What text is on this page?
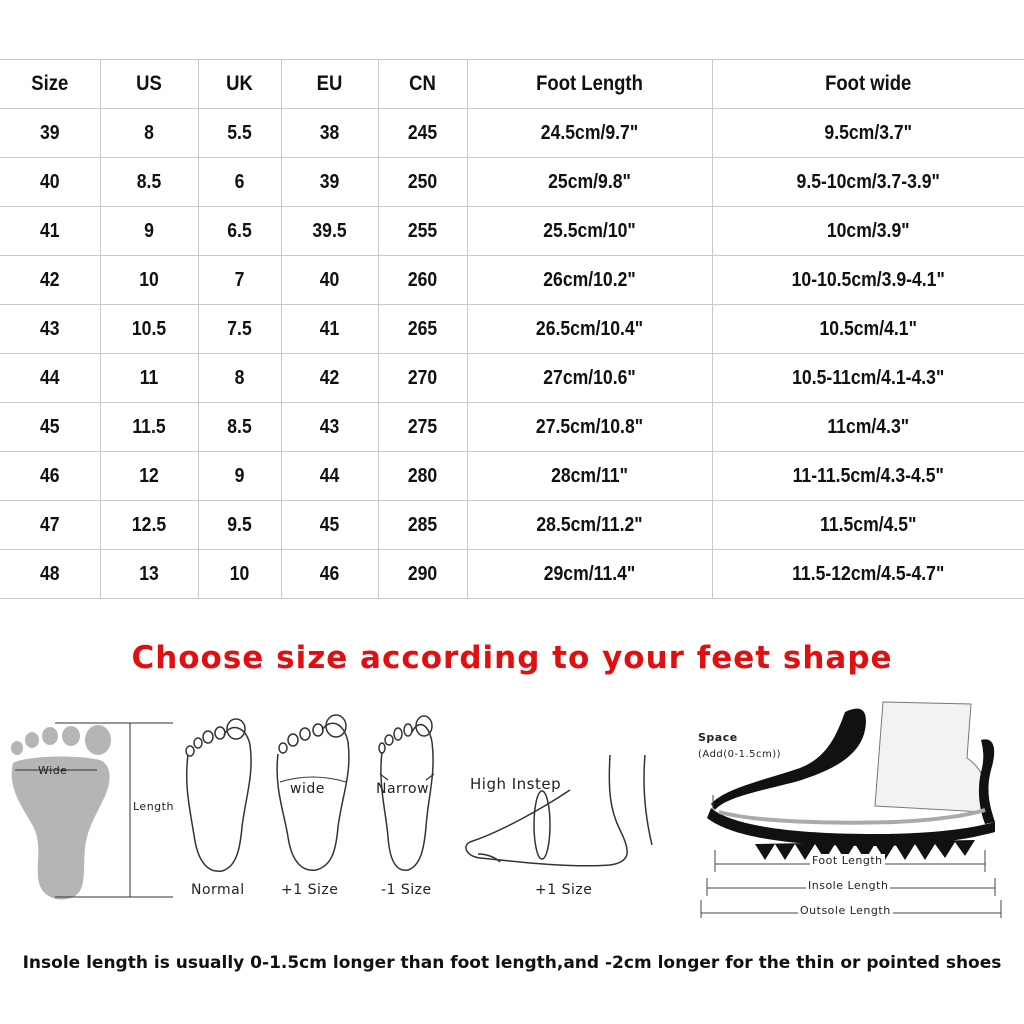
Size	US	UK	EU	CN	Foot Length	Foot wide
39	8	5.5	38	245	24.5cm/9.7"	9.5cm/3.7"
40	8.5	6	39	250	25cm/9.8"	9.5-10cm/3.7-3.9"
41	9	6.5	39.5	255	25.5cm/10"	10cm/3.9"
42	10	7	40	260	26cm/10.2"	10-10.5cm/3.9-4.1"
43	10.5	7.5	41	265	26.5cm/10.4"	10.5cm/4.1"
44	11	8	42	270	27cm/10.6"	10.5-11cm/4.1-4.3"
45	11.5	8.5	43	275	27.5cm/10.8"	11cm/4.3"
46	12	9	44	280	28cm/11"	11-11.5cm/4.3-4.5"
47	12.5	9.5	45	285	28.5cm/11.2"	11.5cm/4.5"
48	13	10	46	290	29cm/11.4"	11.5-12cm/4.5-4.7"
Choose size according to your feet shape
Wide
Length
Normal
wide
+1 Size
Narrow
-1 Size
High Instep
+1 Size
Space
(Add(0-1.5cm))
Foot Length
Insole Length
Outsole Length
Insole length is usually 0-1.5cm longer than foot length,and -2cm longer for the thin or pointed shoes
